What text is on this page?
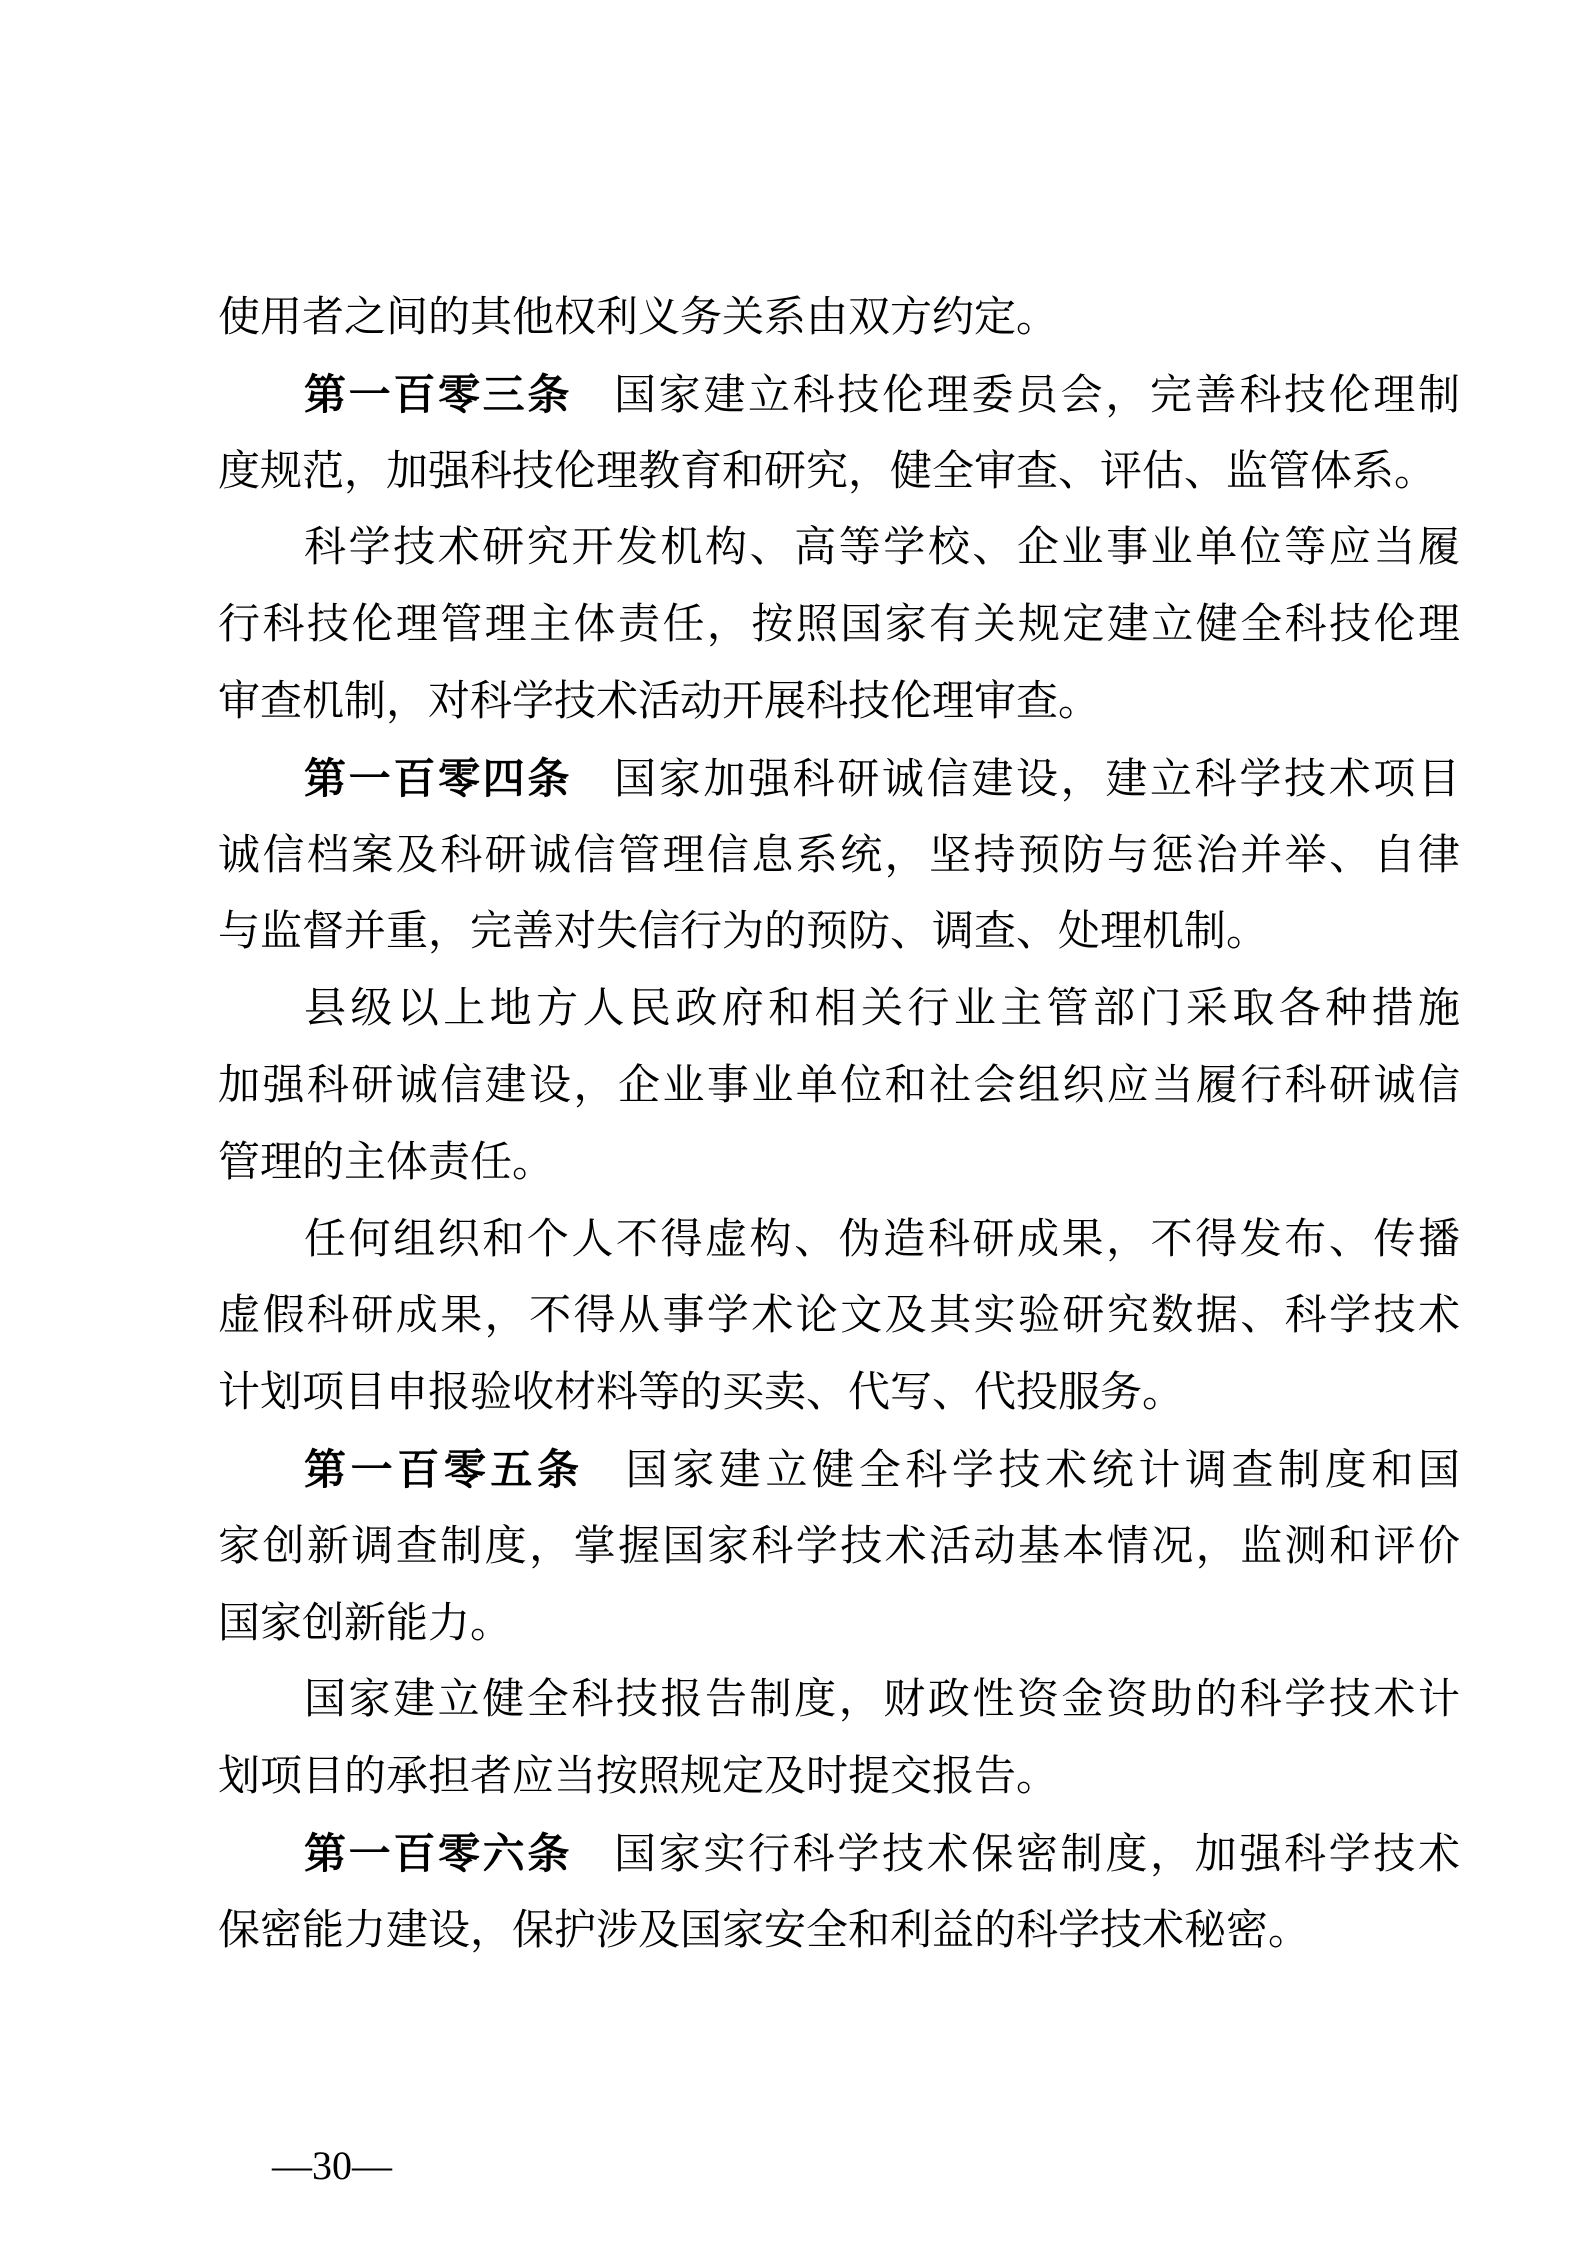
使用者之间的其他权利义务关系由双方约定。
第一百零三条 国家建立科技伦理委员会，完善科技伦理制
度规范，加强科技伦理教育和研究，健全审查、评估、监管体系。
科学技术研究开发机构、高等学校、企业事业单位等应当履
行科技伦理管理主体责任，按照国家有关规定建立健全科技伦理
审查机制，对科学技术活动开展科技伦理审查。
第一百零四条 国家加强科研诚信建设，建立科学技术项目
诚信档案及科研诚信管理信息系统，坚持预防与惩治并举、自律
与监督并重，完善对失信行为的预防、调查、处理机制。
县级以上地方人民政府和相关行业主管部门采取各种措施
加强科研诚信建设，企业事业单位和社会组织应当履行科研诚信
管理的主体责任。
任何组织和个人不得虚构、伪造科研成果，不得发布、传播
虚假科研成果，不得从事学术论文及其实验研究数据、科学技术
计划项目申报验收材料等的买卖、代写、代投服务。
第一百零五条 国家建立健全科学技术统计调查制度和国
家创新调查制度，掌握国家科学技术活动基本情况，监测和评价
国家创新能力。
国家建立健全科技报告制度，财政性资金资助的科学技术计
划项目的承担者应当按照规定及时提交报告。
第一百零六条 国家实行科学技术保密制度，加强科学技术
保密能力建设，保护涉及国家安全和利益的科学技术秘密。
—30—
